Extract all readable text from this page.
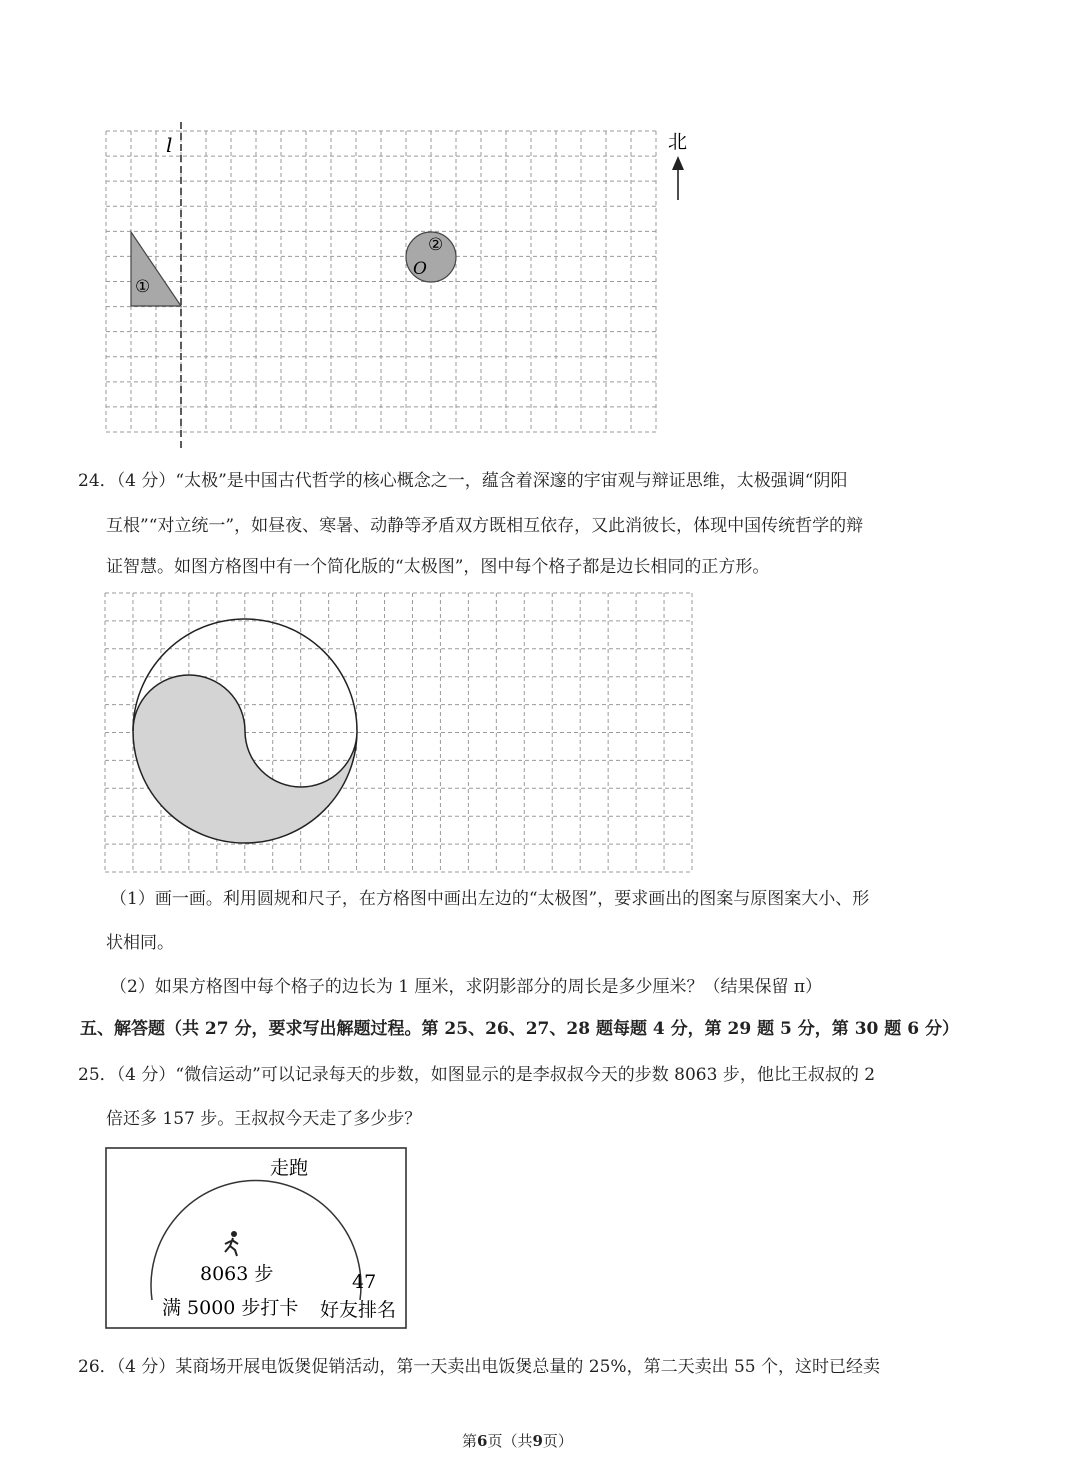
l
①
②
O
北
24．（4 分）“太极”是中国古代哲学的核心概念之一，蕴含着深邃的宇宙观与辩证思维，太极强调“阴阳
互根”“对立统一”，如昼夜、寒暑、动静等矛盾双方既相互依存，又此消彼长，体现中国传统哲学的辩
证智慧。如图方格图中有一个简化版的“太极图”，图中每个格子都是边长相同的正方形。
（1）画一画。利用圆规和尺子，在方格图中画出左边的“太极图”，要求画出的图案与原图案大小、形
状相同。
（2）如果方格图中每个格子的边长为 1 厘米，求阴影部分的周长是多少厘米？（结果保留 π）
五、解答题（共 27 分，要求写出解题过程。第 25、26、27、28 题每题 4 分，第 29 题 5 分，第 30 题 6 分）
25．（4 分）“微信运动”可以记录每天的步数，如图显示的是李叔叔今天的步数 8063 步，他比王叔叔的 2
倍还多 157 步。王叔叔今天走了多少步？
走跑
8063 步
满 5000 步打卡
47
好友排名
26．（4 分）某商场开展电饭煲促销活动，第一天卖出电饭煲总量的 25%，第二天卖出 55 个，这时已经卖
第6页（共9页）
